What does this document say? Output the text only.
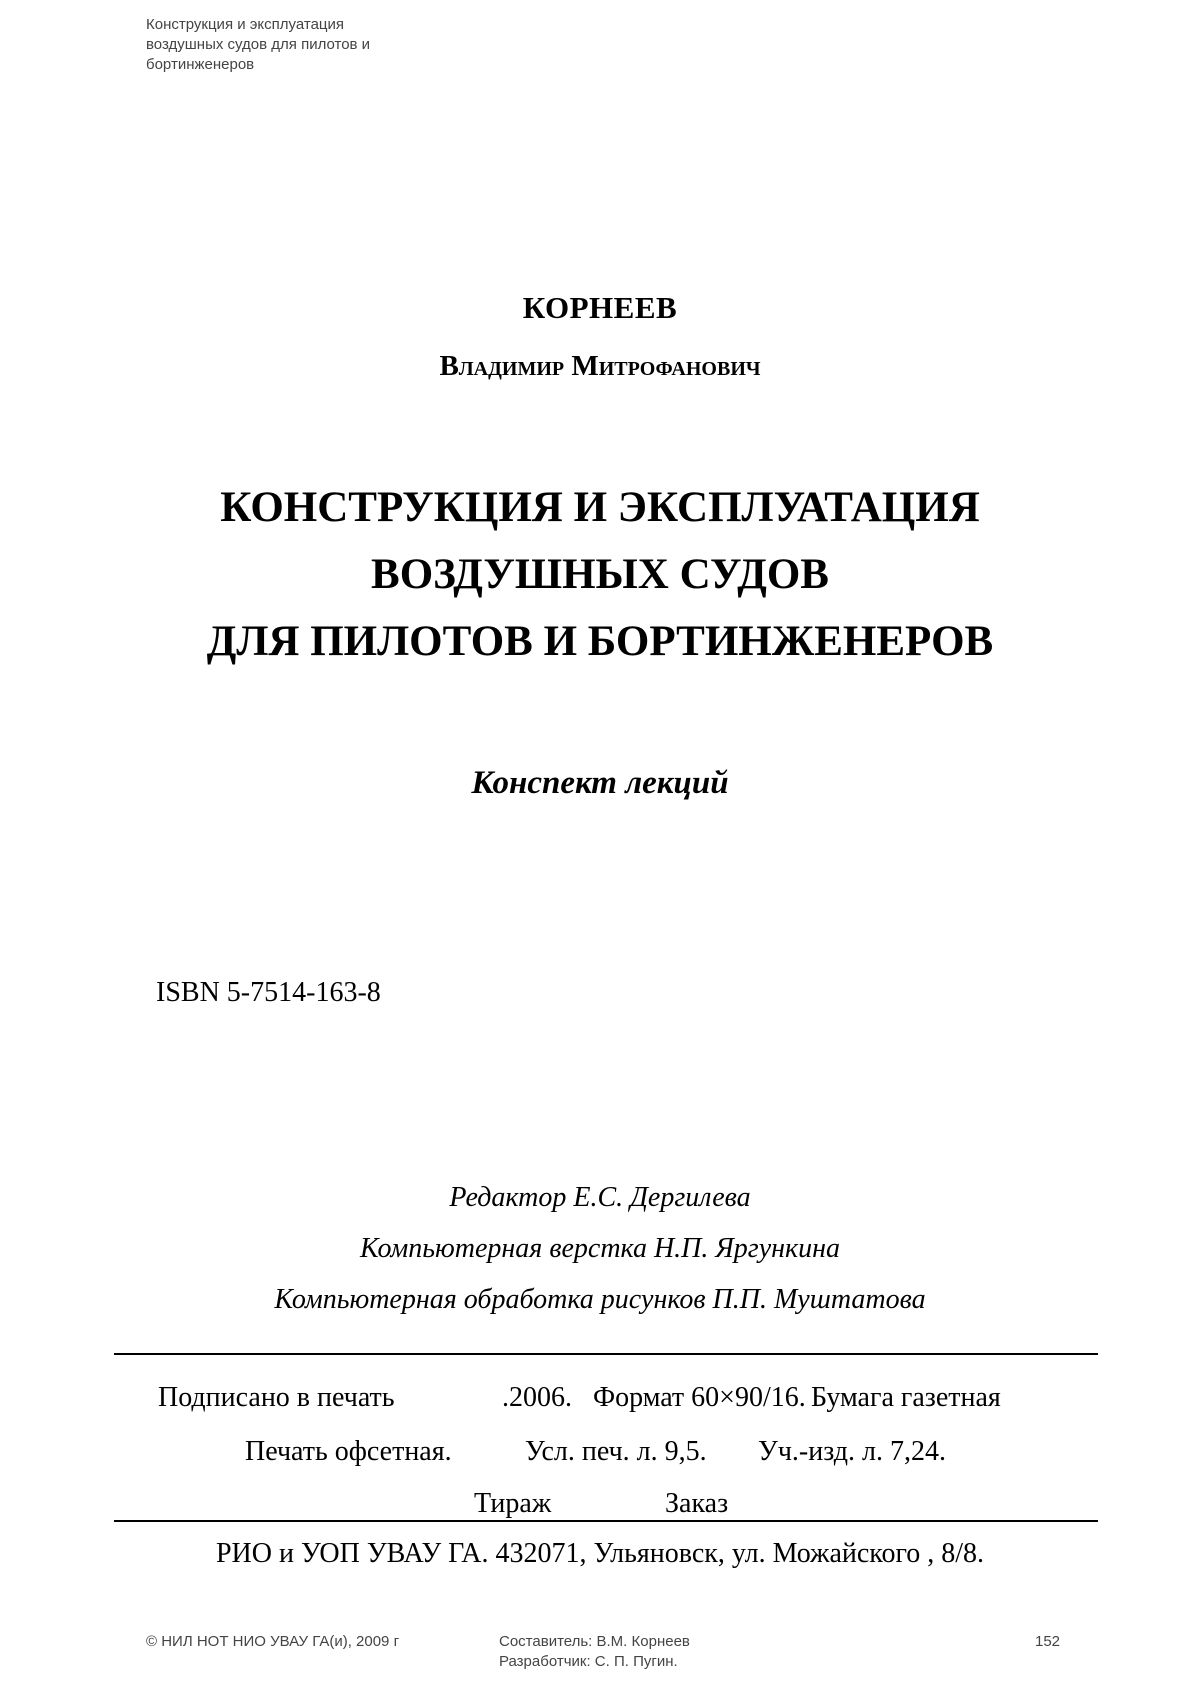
Конструкция и эксплуатация
воздушных судов для пилотов и
бортинженеров
КОРНЕЕВ
Владимир Митрофанович
КОНСТРУКЦИЯ И ЭКСПЛУАТАЦИЯ
ВОЗДУШНЫХ СУДОВ
ДЛЯ ПИЛОТОВ И БОРТИНЖЕНЕРОВ
Конспект лекций
ISBN 5-7514-163-8
Редактор Е.С. Дергилева
Компьютерная верстка Н.П. Яргункина
Компьютерная обработка рисунков П.П. Муштатова
Подписано в печать	.2006. Формат 60×90/16. Бумага газетная
Печать офсетная.	Усл. печ. л. 9,5. Уч.-изд. л. 7,24.
Тираж	Заказ
РИО и УОП УВАУ ГА. 432071, Ульяновск, ул. Можайского , 8/8.
© НИЛ НОТ НИО УВАУ ГА(и), 2009 г	Составитель: В.М. Корнеев
Разработчик: С. П. Пугин.
152
